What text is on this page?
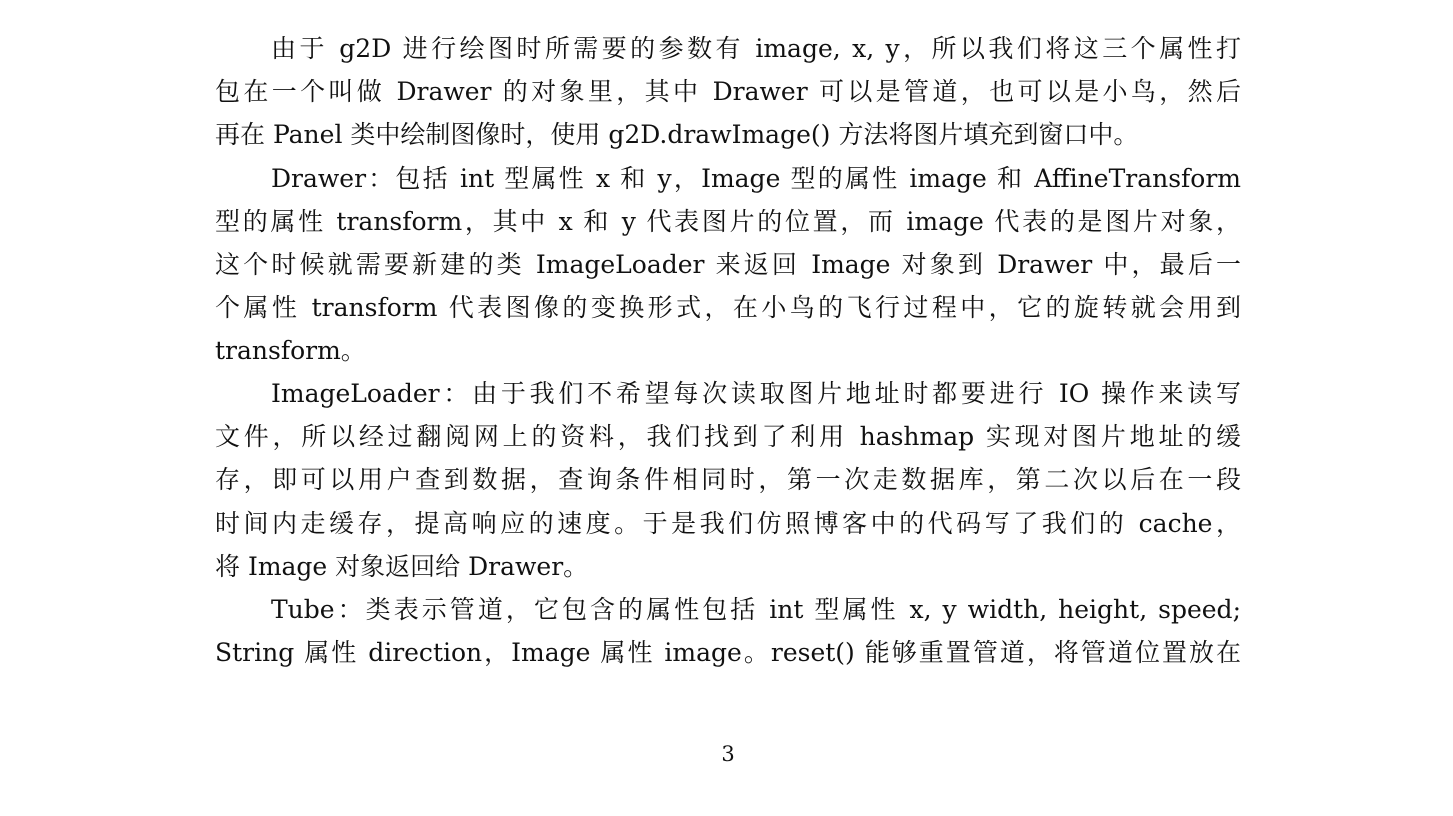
由于 g2D 进行绘图时所需要的参数有 image, x, y，所以我们将这三个属性打
包在一个叫做 Drawer 的对象里，其中 Drawer 可以是管道，也可以是小鸟，然后
再在 Panel 类中绘制图像时，使用 g2D.drawImage() 方法将图片填充到窗口中。
Drawer：包括 int 型属性 x 和 y，Image 型的属性 image 和 AffineTransform
型的属性 transform，其中 x 和 y 代表图片的位置，而 image 代表的是图片对象，
这个时候就需要新建的类 ImageLoader 来返回 Image 对象到 Drawer 中，最后一
个属性 transform 代表图像的变换形式，在小鸟的飞行过程中，它的旋转就会用到
transform。
ImageLoader：由于我们不希望每次读取图片地址时都要进行 IO 操作来读写
文件，所以经过翻阅网上的资料，我们找到了利用 hashmap 实现对图片地址的缓
存，即可以用户查到数据，查询条件相同时，第一次走数据库，第二次以后在一段
时间内走缓存，提高响应的速度。于是我们仿照博客中的代码写了我们的 cache，
将 Image 对象返回给 Drawer。
Tube：类表示管道，它包含的属性包括 int 型属性 x, y width, height, speed;
String 属性 direction，Image 属性 image。reset() 能够重置管道，将管道位置放在
3
